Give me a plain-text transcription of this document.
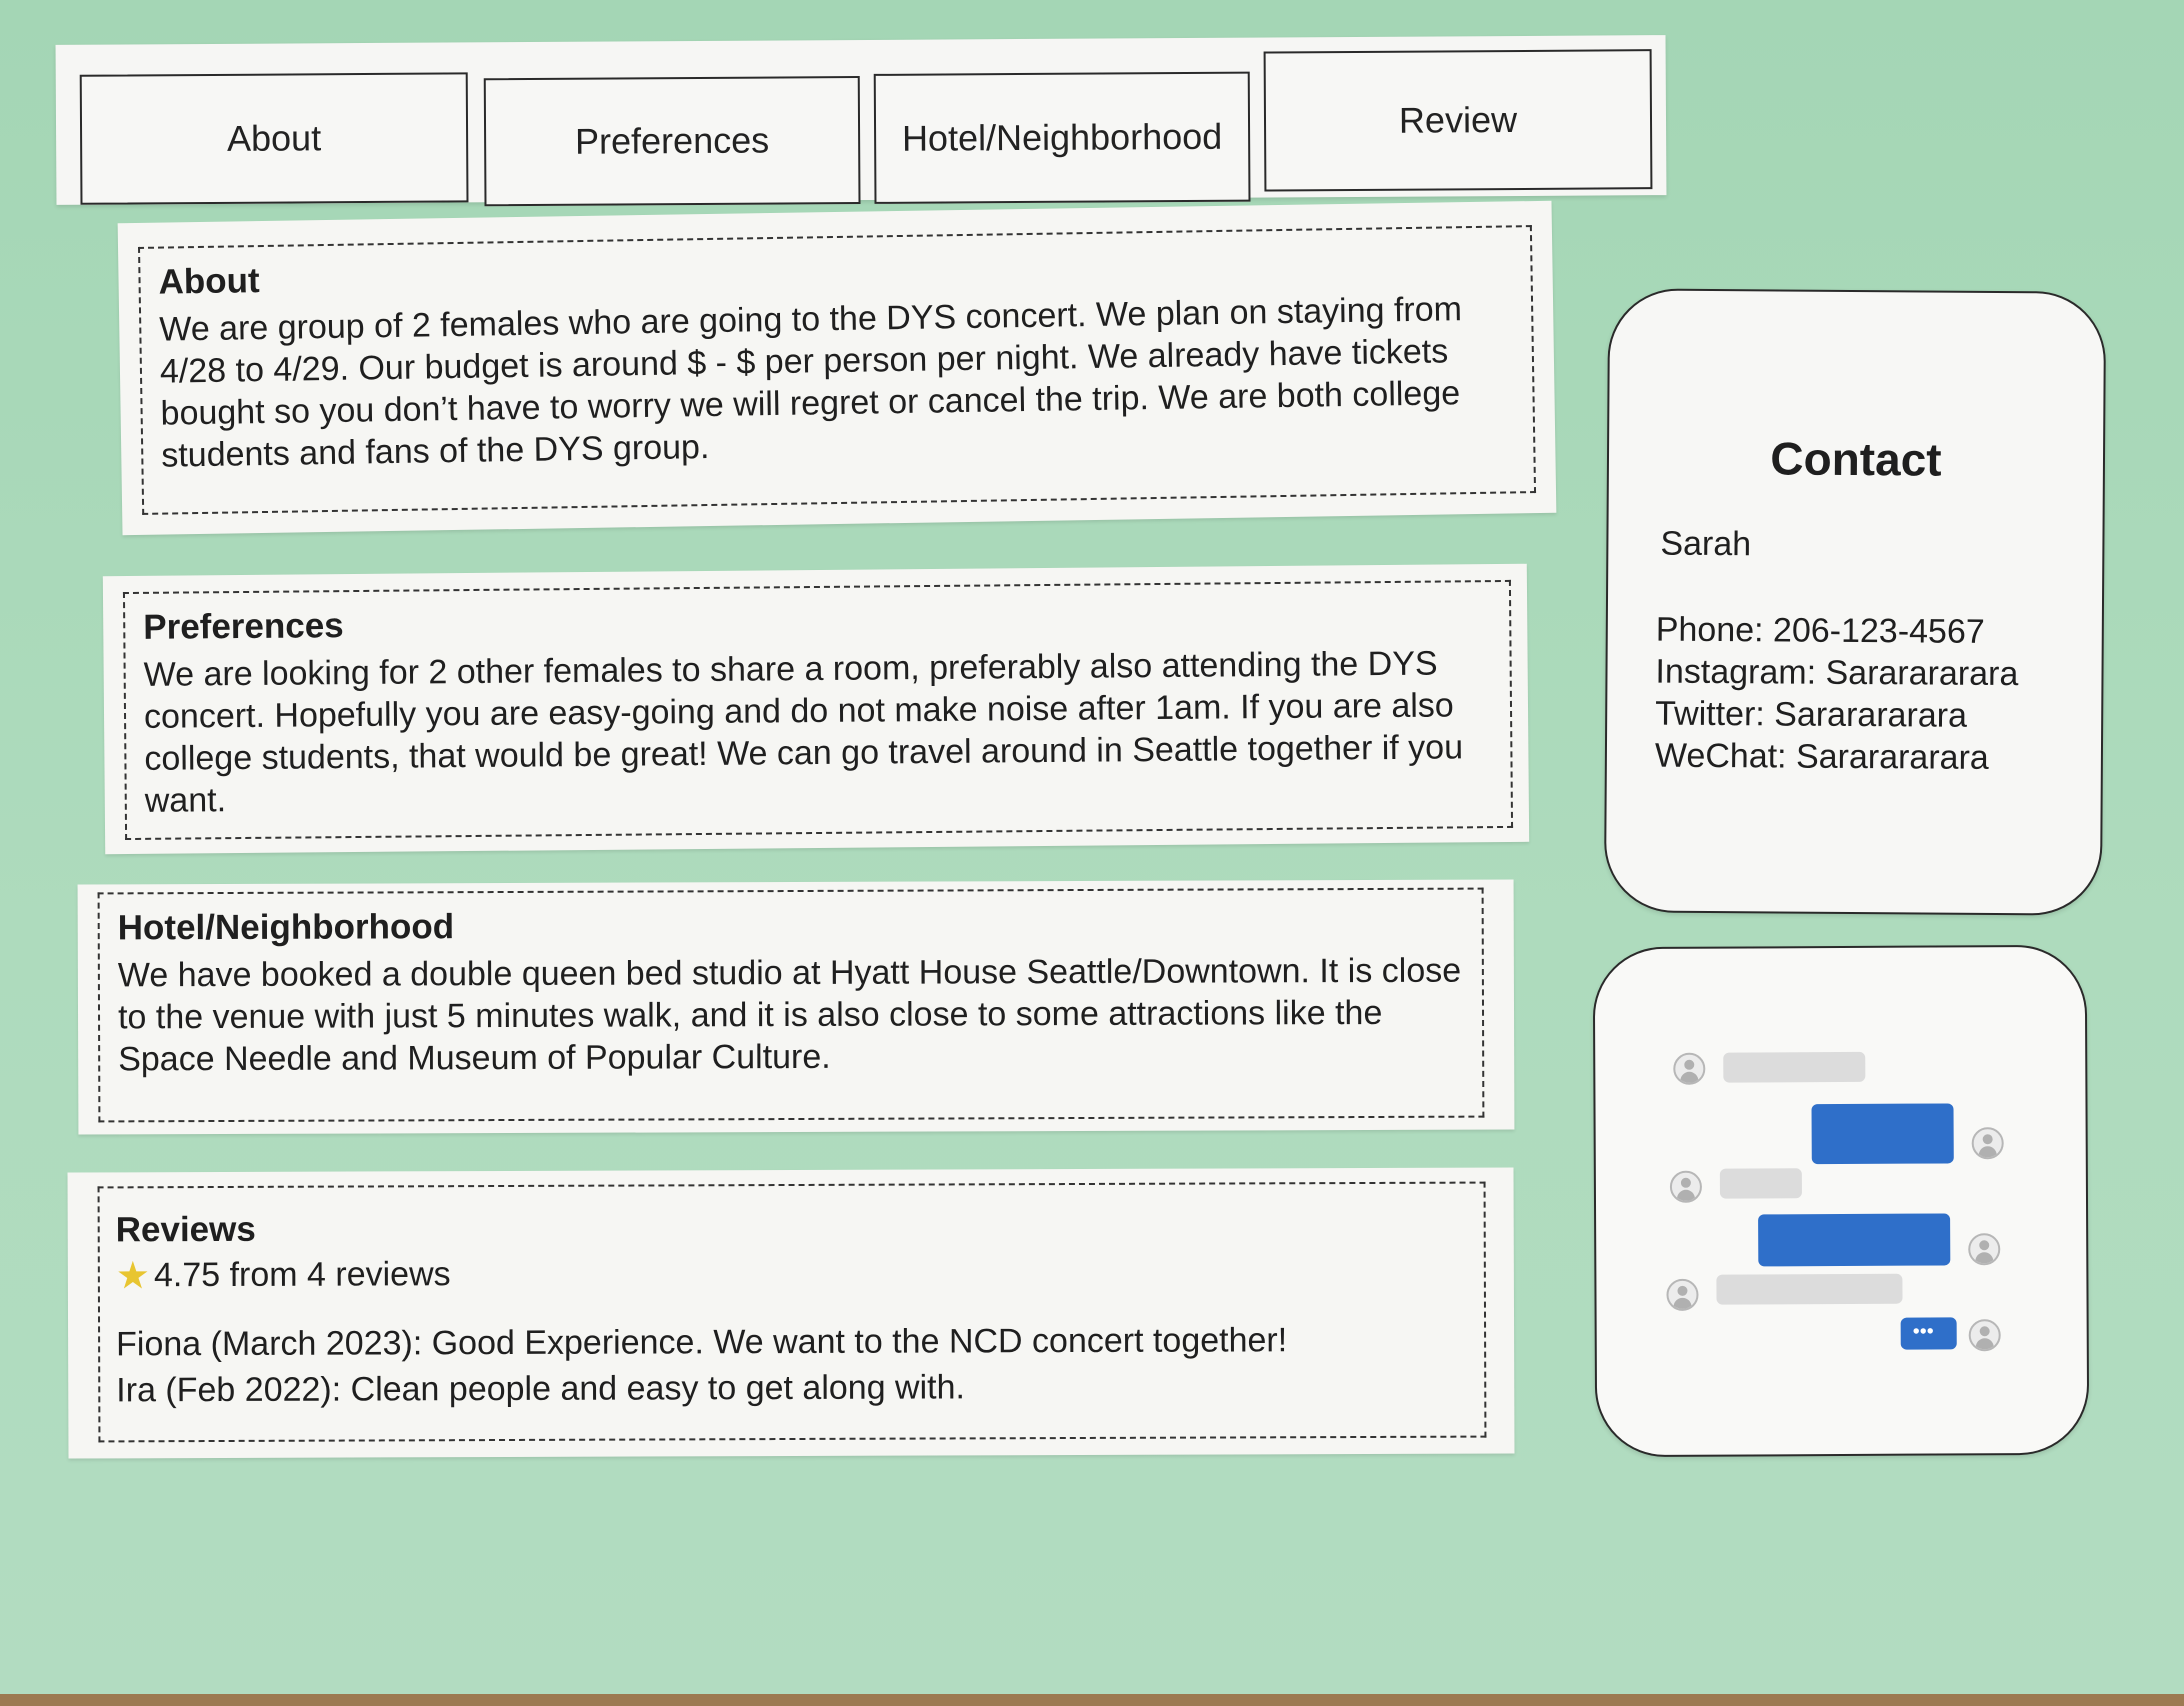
About	Preferences	Hotel/Neighborhood	Review
About

We are group of 2 females who are going to the DYS concert. We plan on staying from 4/28 to 4/29. Our budget is around $ - $ per person per night. We already have tickets bought so you don’t have to worry we will regret or cancel the trip. We are both college students and fans of the DYS group.

Preferences

We are looking for 2 other females to share a room, preferably also attending the DYS concert. Hopefully you are easy-going and do not make noise after 1am. If you are also college students, that would be great! We can go travel around in Seattle together if you want.

Hotel/Neighborhood

We have booked a double queen bed studio at Hyatt House Seattle/Downtown. It is close to the venue with just 5 minutes walk, and it is also close to some attractions like the Space Needle and Museum of Popular Culture.

Reviews
★ 4.75 from 4 reviews

Fiona (March 2023): Good Experience. We want to the NCD concert together!

Ira (Feb 2022): Clean people and easy to get along with.

Contact

Sarah

Phone: 206-123-4567
Instagram: Sararararara
Twitter: Sararararara
WeChat: Sararararara
•••
